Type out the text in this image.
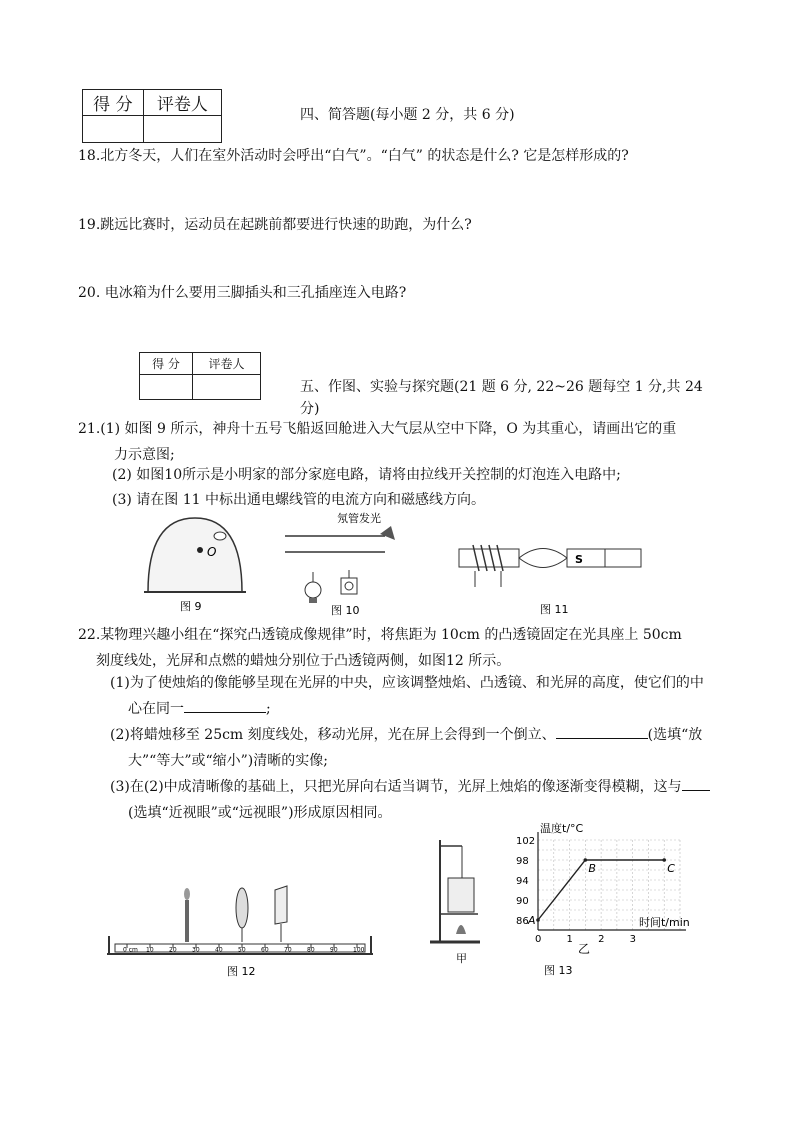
得 分	评卷人
		四、简答题(每小题 2 分，共 6 分)
18.北方冬天，人们在室外活动时会呼出“白气”。“白气” 的状态是什么? 它是怎样形成的?
19.跳远比赛时，运动员在起跳前都要进行快速的助跑，为什么?
20. 电冰箱为什么要用三脚插头和三孔插座连入电路?
得 分	评卷人

五、作图、实验与探究题(21 题 6 分, 22~26 题每空 1 分,共 24
分)
21.(1) 如图 9 所示，神舟十五号飞船返回舱进入大气层从空中下降，O 为其重心，请画出它的重
力示意图;
(2) 如图10所示是小明家的部分家庭电路，请将由拉线开关控制的灯泡连入电路中;
(3) 请在图 11 中标出通电螺线管的电流方向和磁感线方向。
O
图 9
氖管发光
图 10
S
图 11
22.某物理兴趣小组在“探究凸透镜成像规律”时，将焦距为 10cm 的凸透镜固定在光具座上 50cm
刻度线处，光屏和点燃的蜡烛分别位于凸透镜两侧，如图12 所示。
(1)为了使烛焰的像能够呈现在光屏的中央，应该调整烛焰、凸透镜、和光屏的高度，使它们的中
心在同一	;
(2)将蜡烛移至 25cm 刻度线处，移动光屏，光在屏上会得到一个倒立、	(选填“放
大”“等大”或“缩小”)清晰的实像;
(3)在(2)中成清晰像的基础上，只把光屏向右适当调节，光屏上烛焰的像逐渐变得模糊，这与
(选填“近视眼”或“远视眼”)形成原因相同。
0 cm 10	20	30	40	50	60	70	80	90	100
图 12
甲
0	1	2	3
86
90
94
98
102
A
B	C
温度t/°C
时间t/min
乙
图 13
